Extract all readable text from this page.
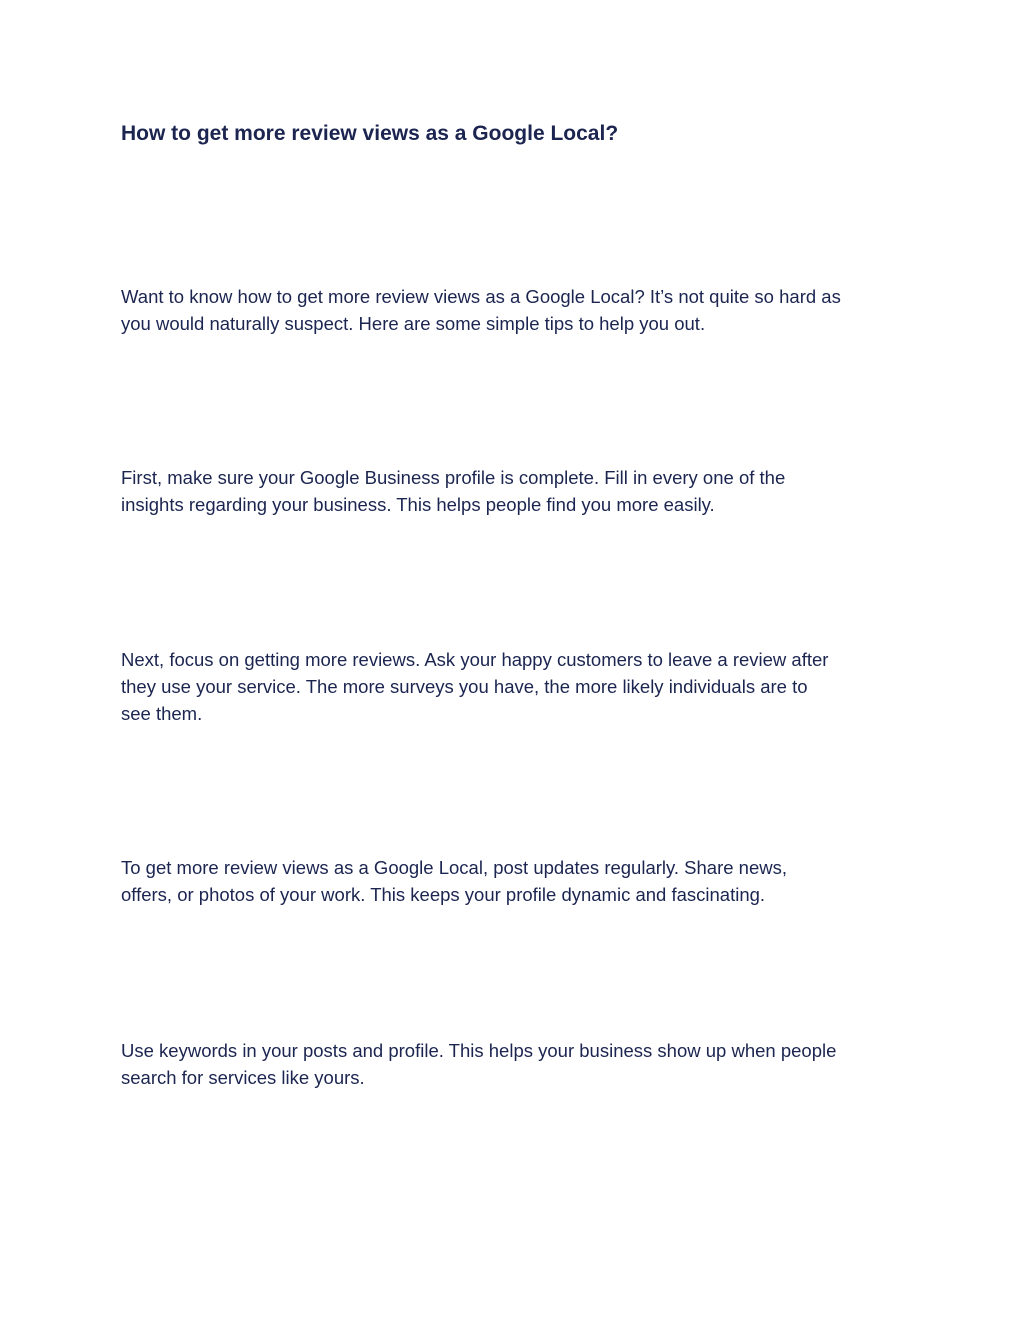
How to get more review views as a Google Local?

Want to know how to get more review views as a Google Local? It’s not quite so hard as
you would naturally suspect. Here are some simple tips to help you out.

First, make sure your Google Business profile is complete. Fill in every one of the
insights regarding your business. This helps people find you more easily.

Next, focus on getting more reviews. Ask your happy customers to leave a review after
they use your service. The more surveys you have, the more likely individuals are to
see them.

To get more review views as a Google Local, post updates regularly. Share news,
offers, or photos of your work. This keeps your profile dynamic and fascinating.

Use keywords in your posts and profile. This helps your business show up when people
search for services like yours.
